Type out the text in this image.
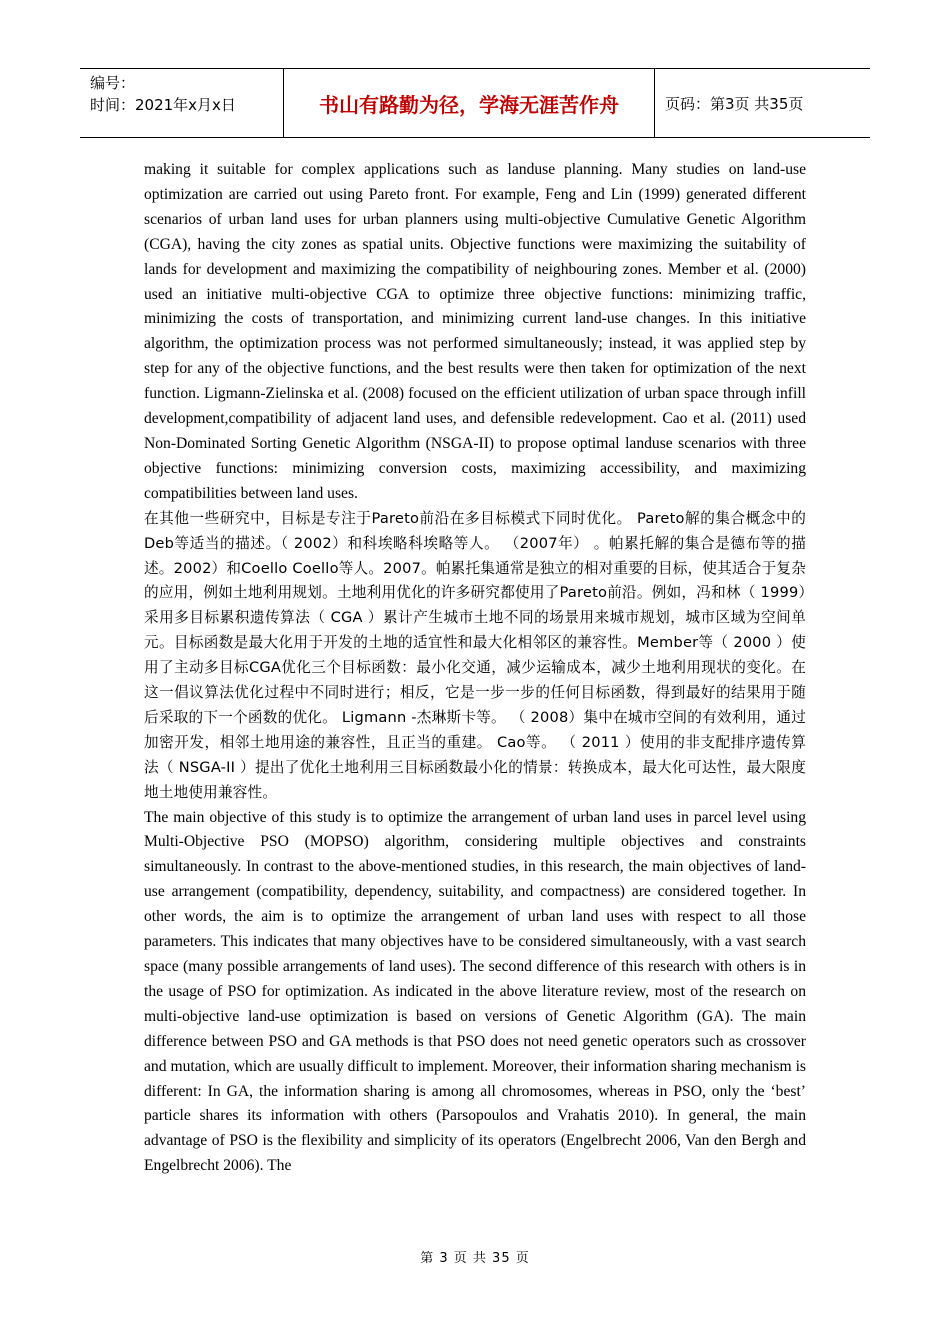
编号：
时间：2021年x月x日	书山有路勤为径，学海无涯苦作舟	页码：第3页 共35页

making it suitable for complex applications such as landuse planning. Many studies on land-use optimization are carried out using Pareto front. For example, Feng and Lin (1999) generated different scenarios of urban land uses for urban planners using multi-objective Cumulative Genetic Algorithm (CGA), having the city zones as spatial units. Objective functions were maximizing the suitability of lands for development and maximizing the compatibility of neighbouring zones. Member et al. (2000) used an initiative multi-objective CGA to optimize three objective functions: minimizing traffic, minimizing the costs of transportation, and minimizing current land-use changes. In this initiative algorithm, the optimization process was not performed simultaneously; instead, it was applied step by step for any of the objective functions, and the best results were then taken for optimization of the next function. Ligmann-Zielinska et al. (2008) focused on the efficient utilization of urban space through infill development,compatibility of adjacent land uses, and defensible redevelopment. Cao et al. (2011) used Non-Dominated Sorting Genetic Algorithm (NSGA-II) to propose optimal landuse scenarios with three objective functions: minimizing conversion costs, maximizing accessibility, and maximizing compatibilities between land uses.

在其他一些研究中，目标是专注于Pareto前沿在多目标模式下同时优化。 Pareto解的集合概念中的Deb等适当的描述。（ 2002）和科埃略科埃略等人。 （2007年） 。帕累托解的集合是德布等的描述。2002）和Coello Coello等人。2007。帕累托集通常是独立的相对重要的目标，使其适合于复杂的应用，例如土地利用规划。土地利用优化的许多研究都使用了Pareto前沿。例如，冯和林（ 1999）采用多目标累积遗传算法（ CGA ）累计产生城市土地不同的场景用来城市规划，城市区域为空间单元。目标函数是最大化用于开发的土地的适宜性和最大化相邻区的兼容性。Member等（ 2000 ）使用了主动多目标CGA优化三个目标函数：最小化交通，减少运输成本，减少土地利用现状的变化。在这一倡议算法优化过程中不同时进行；相反，它是一步一步的任何目标函数，得到最好的结果用于随后采取的下一个函数的优化。 Ligmann -杰琳斯卡等。 （ 2008）集中在城市空间的有效利用，通过加密开发，相邻土地用途的兼容性，且正当的重建。 Cao等。 （ 2011 ）使用的非支配排序遗传算法（ NSGA-II ）提出了优化土地利用三目标函数最小化的情景：转换成本，最大化可达性，最大限度地土地使用兼容性。

The main objective of this study is to optimize the arrangement of urban land uses in parcel level using Multi-Objective PSO (MOPSO) algorithm, considering multiple objectives and constraints simultaneously. In contrast to the above-mentioned studies, in this research, the main objectives of land-use arrangement (compatibility, dependency, suitability, and compactness) are considered together. In other words, the aim is to optimize the arrangement of urban land uses with respect to all those parameters. This indicates that many objectives have to be considered simultaneously, with a vast search space (many possible arrangements of land uses). The second difference of this research with others is in the usage of PSO for optimization. As indicated in the above literature review, most of the research on multi-objective land-use optimization is based on versions of Genetic Algorithm (GA). The main difference between PSO and GA methods is that PSO does not need genetic operators such as crossover and mutation, which are usually difficult to implement. Moreover, their information sharing mechanism is different: In GA, the information sharing is among all chromosomes, whereas in PSO, only the ‘best’ particle shares its information with others (Parsopoulos and Vrahatis 2010). In general, the main advantage of PSO is the flexibility and simplicity of its operators (Engelbrecht 2006, Van den Bergh and Engelbrecht 2006). The

第 3 页 共 35 页
